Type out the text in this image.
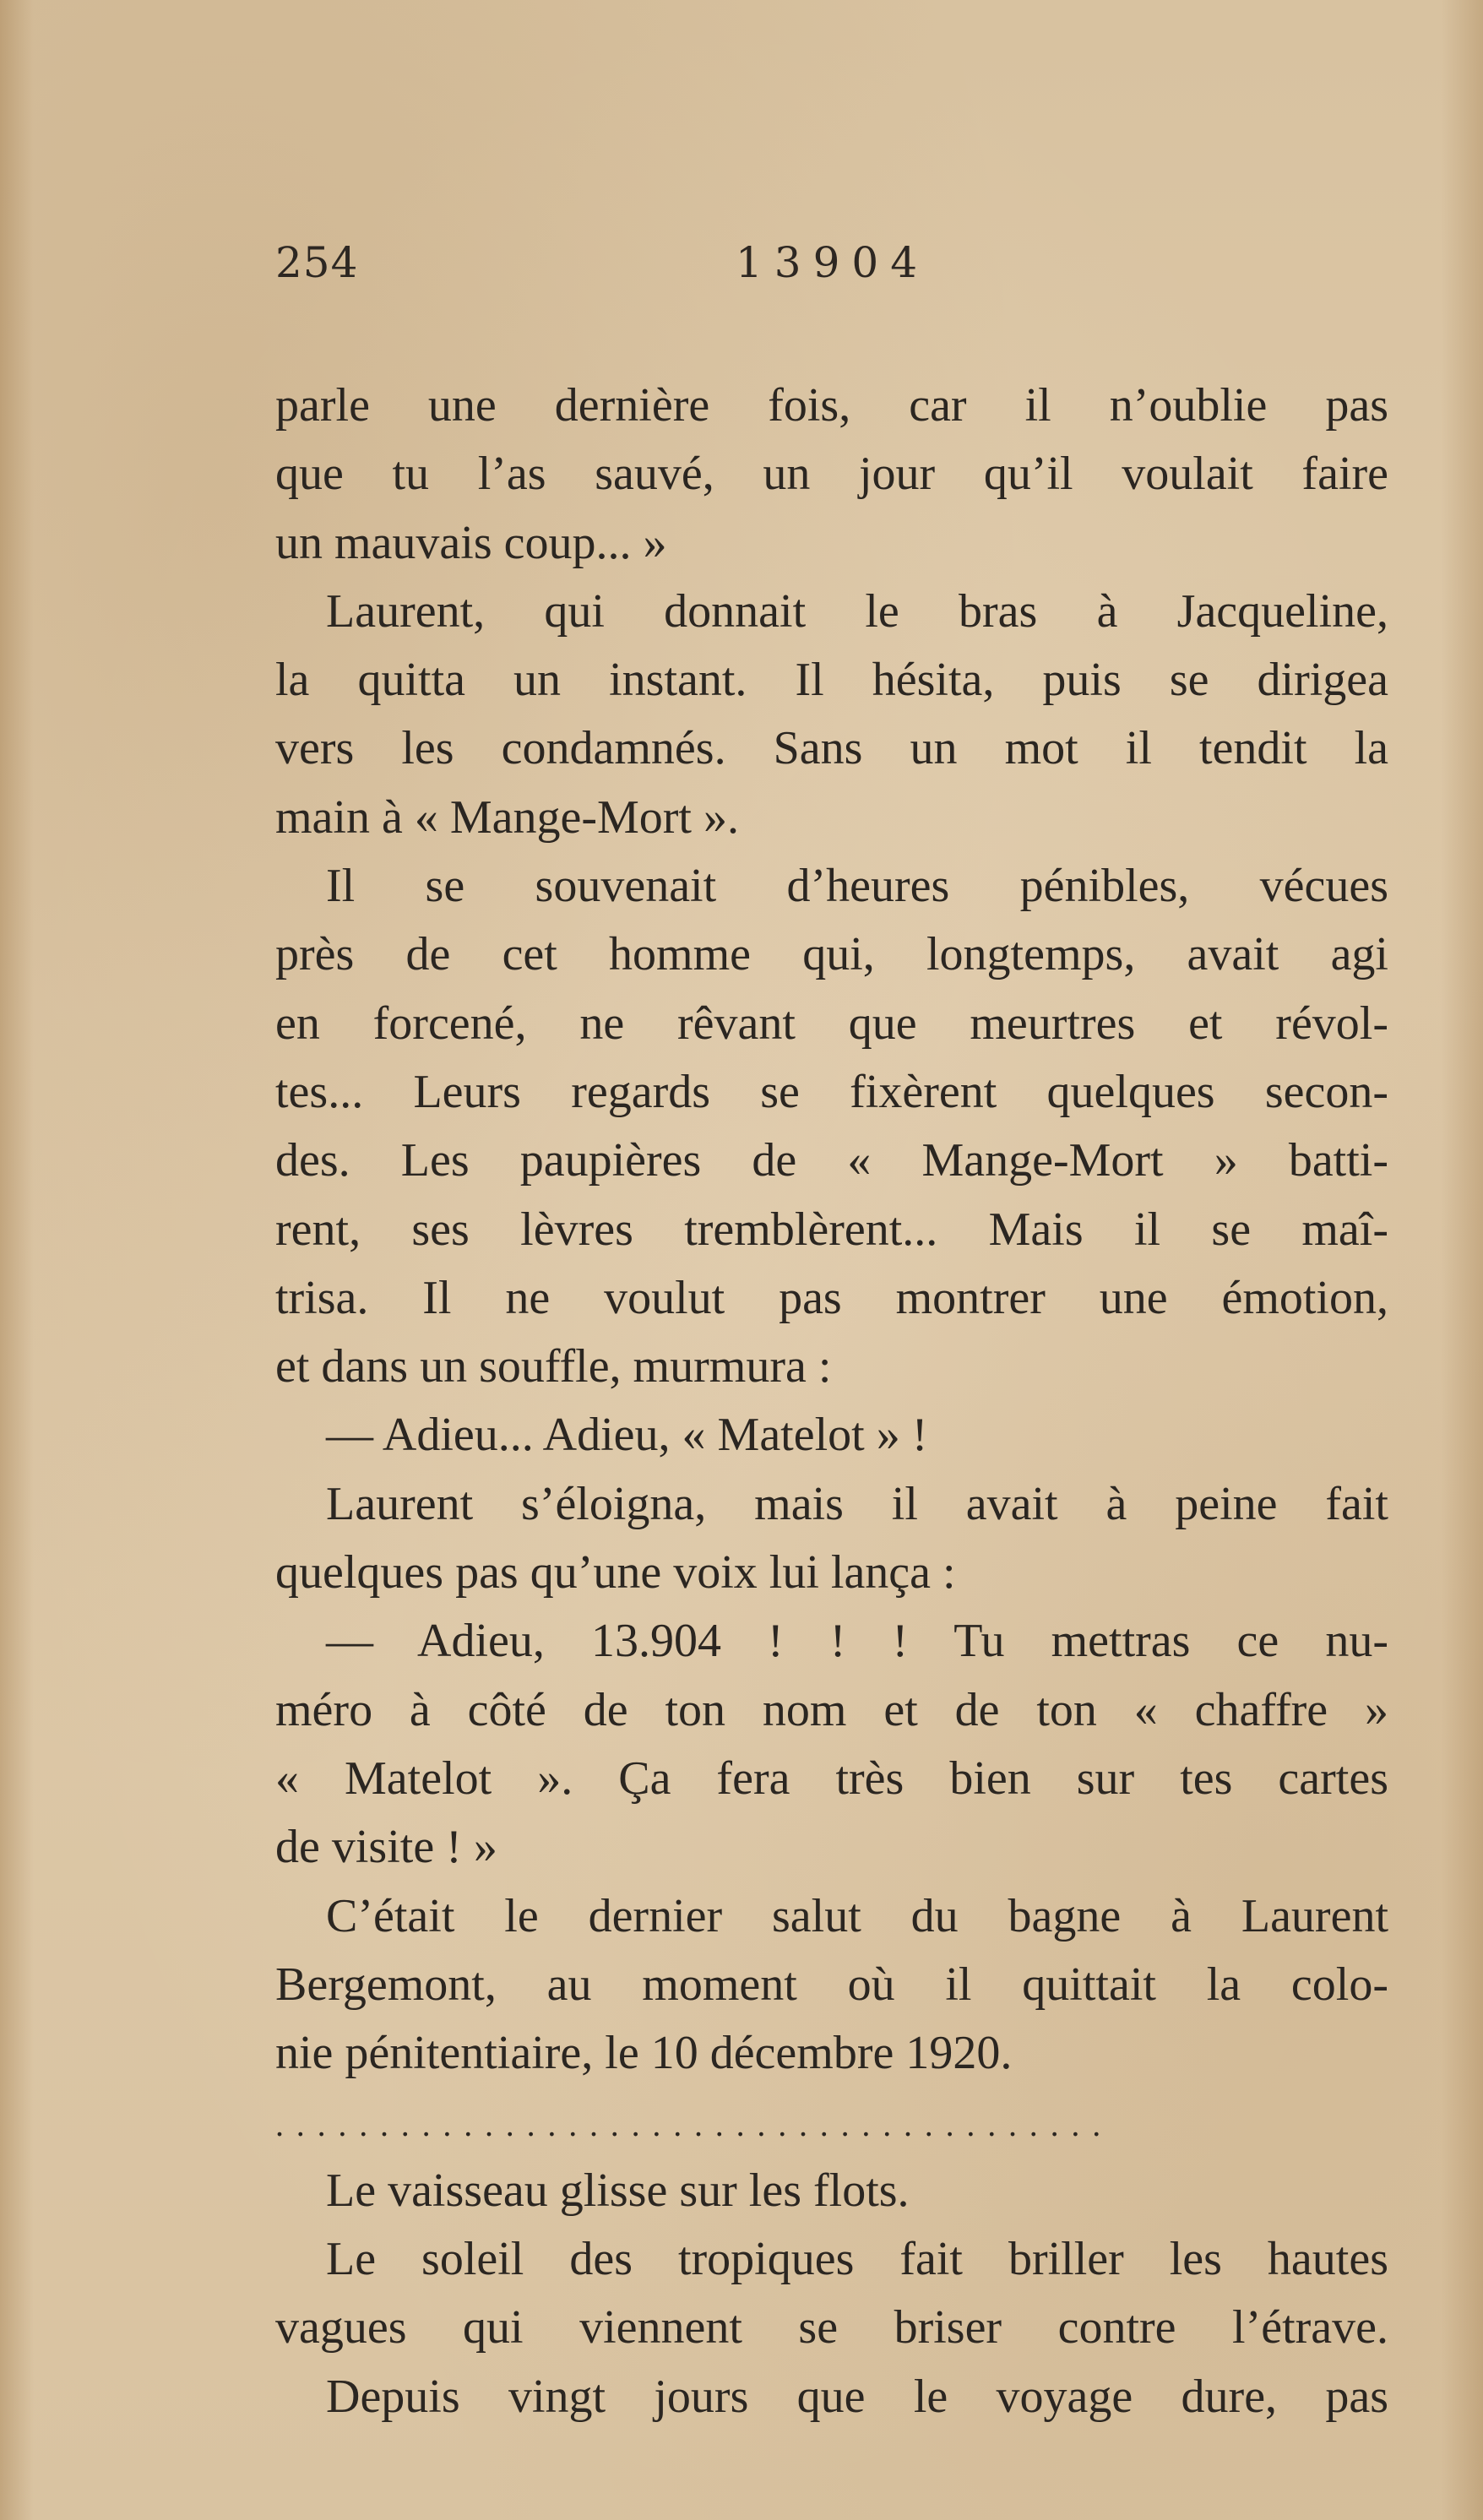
254	13904
parle une dernière fois, car il n’oublie pas
que tu l’as sauvé, un jour qu’il voulait faire
un mauvais coup... »
Laurent, qui donnait le bras à Jacqueline,
la quitta un instant. Il hésita, puis se dirigea
vers les condamnés. Sans un mot il tendit la
main à « Mange-Mort ».
Il se souvenait d’heures pénibles, vécues
près de cet homme qui, longtemps, avait agi
en forcené, ne rêvant que meurtres et révol-
tes... Leurs regards se fixèrent quelques secon-
des. Les paupières de « Mange-Mort » batti-
rent, ses lèvres tremblèrent... Mais il se maî-
trisa. Il ne voulut pas montrer une émotion,
et dans un souffle, murmura :
— Adieu... Adieu, « Matelot » !
Laurent s’éloigna, mais il avait à peine fait
quelques pas qu’une voix lui lança :
— Adieu, 13.904 ! ! ! Tu mettras ce nu-
méro à côté de ton nom et de ton « chaffre »
« Matelot ». Ça fera très bien sur tes cartes
de visite ! »
C’était le dernier salut du bagne à Laurent
Bergemont, au moment où il quittait la colo-
nie pénitentiaire, le 10 décembre 1920.
........................................
Le vaisseau glisse sur les flots.
Le soleil des tropiques fait briller les hautes
vagues qui viennent se briser contre l’étrave.
Depuis vingt jours que le voyage dure, pas
